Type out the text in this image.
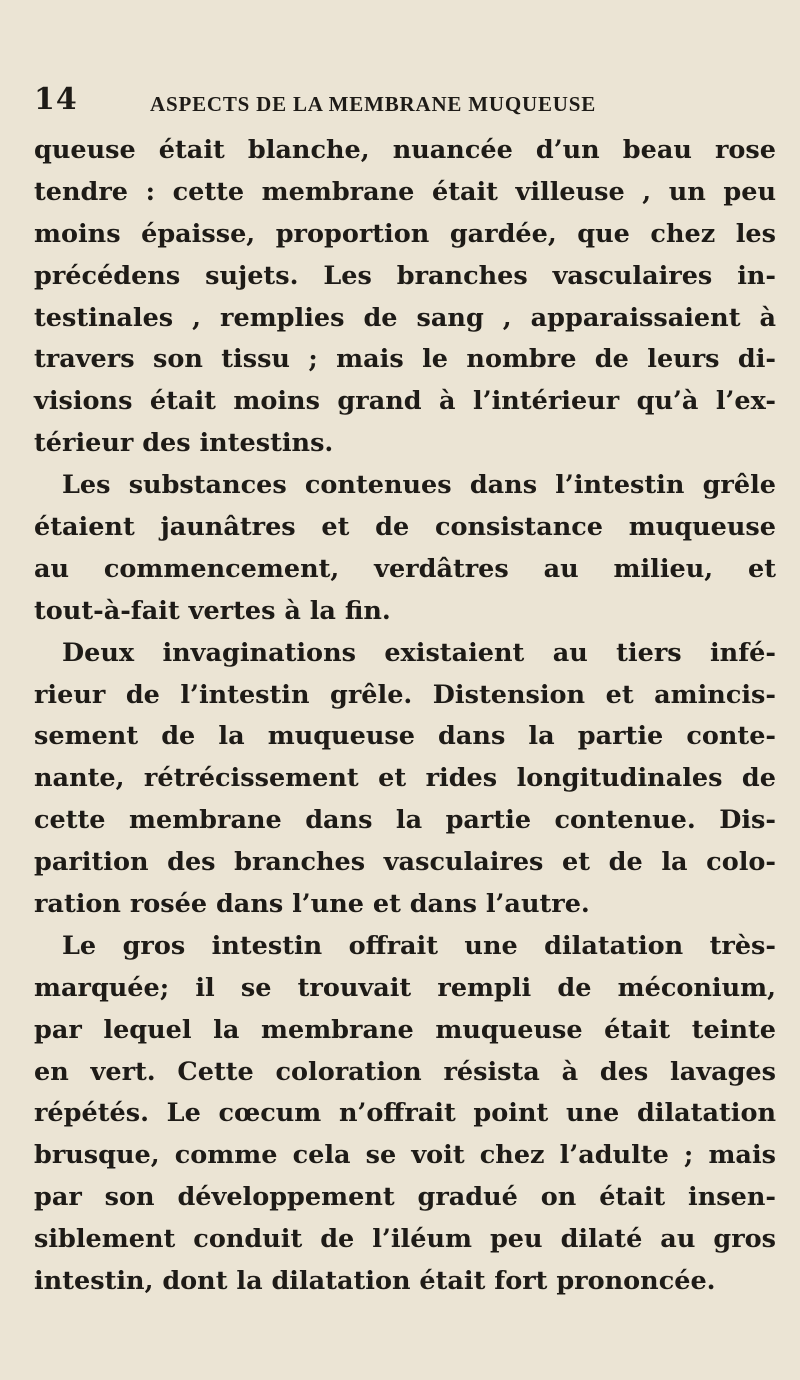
14	ASPECTS DE LA MEMBRANE MUQUEUSE
queuse était blanche, nuancée d’un beau rose
tendre : cette membrane était villeuse , un peu
moins épaisse, proportion gardée, que chez les
précédens sujets. Les branches vasculaires in-
testinales , remplies de sang , apparaissaient à
travers son tissu ; mais le nombre de leurs di-
visions était moins grand à l’intérieur qu’à l’ex-
térieur des intestins.
Les substances contenues dans l’intestin grêle
étaient jaunâtres et de consistance muqueuse
au commencement, verdâtres au milieu, et
tout-à-fait vertes à la fin.
Deux invaginations existaient au tiers infé-
rieur de l’intestin grêle. Distension et amincis-
sement de la muqueuse dans la partie conte-
nante, rétrécissement et rides longitudinales de
cette membrane dans la partie contenue. Dis-
parition des branches vasculaires et de la colo-
ration rosée dans l’une et dans l’autre.
Le gros intestin offrait une dilatation très-
marquée; il se trouvait rempli de méconium,
par lequel la membrane muqueuse était teinte
en vert. Cette coloration résista à des lavages
répétés. Le cœcum n’offrait point une dilatation
brusque, comme cela se voit chez l’adulte ; mais
par son développement gradué on était insen-
siblement conduit de l’iléum peu dilaté au gros
intestin, dont la dilatation était fort prononcée.
